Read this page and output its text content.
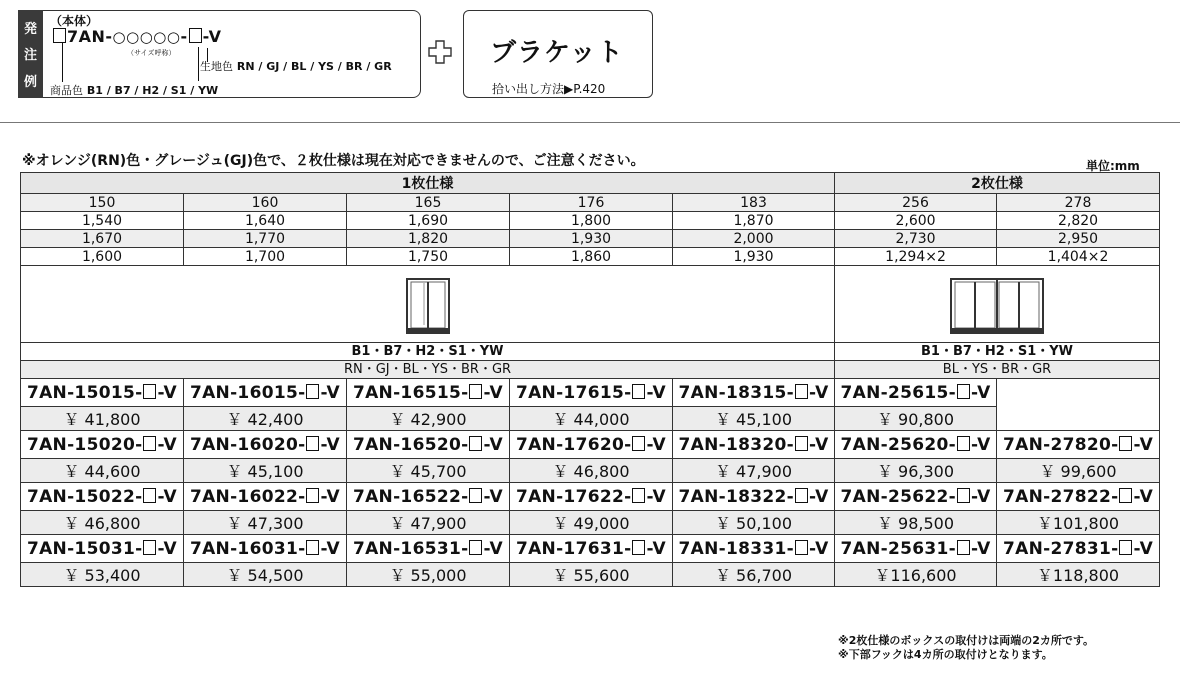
発
注
例
（本体）
7AN-○○○○○- -V
（サイズ呼称）
生地色 RN / GJ / BL / YS / BR / GR
商品色 B1 / B7 / H2 / S1 / YW
ブラケット
拾い出し方法▶P.420
※オレンジ(RN)色・グレージュ(GJ)色で、２枚仕様は現在対応できませんので、ご注意ください。	単位:mm
1枚仕様					2枚仕様	
150	160	165	176	183	256	278
1,540	1,640	1,690	1,800	1,870	2,600	2,820
1,670	1,770	1,820	1,930	2,000	2,730	2,950
1,600	1,700	1,750	1,860	1,930	1,294×2	1,404×2

B1・B7・H2・S1・YW					B1・B7・H2・S1・YW	
RN・GJ・BL・YS・BR・GR					BL・YS・BR・GR	
7AN-15015- -V	7AN-16015- -V	7AN-16515- -V	7AN-17615- -V	7AN-18315- -V	7AN-25615- -V	
￥ 41,800	￥ 42,400	￥ 42,900	￥ 44,000	￥ 45,100	￥ 90,800	
7AN-15020- -V	7AN-16020- -V	7AN-16520- -V	7AN-17620- -V	7AN-18320- -V	7AN-25620- -V	7AN-27820- -V
￥ 44,600	￥ 45,100	￥ 45,700	￥ 46,800	￥ 47,900	￥ 96,300	￥ 99,600
7AN-15022- -V	7AN-16022- -V	7AN-16522- -V	7AN-17622- -V	7AN-18322- -V	7AN-25622- -V	7AN-27822- -V
￥ 46,800	￥ 47,300	￥ 47,900	￥ 49,000	￥ 50,100	￥ 98,500	￥101,800
7AN-15031- -V	7AN-16031- -V	7AN-16531- -V	7AN-17631- -V	7AN-18331- -V	7AN-25631- -V	7AN-27831- -V
￥ 53,400	￥ 54,500	￥ 55,000	￥ 55,600	￥ 56,700	￥116,600	￥118,800
※2枚仕様のボックスの取付けは両端の2カ所です。
※下部フックは4カ所の取付けとなります。
